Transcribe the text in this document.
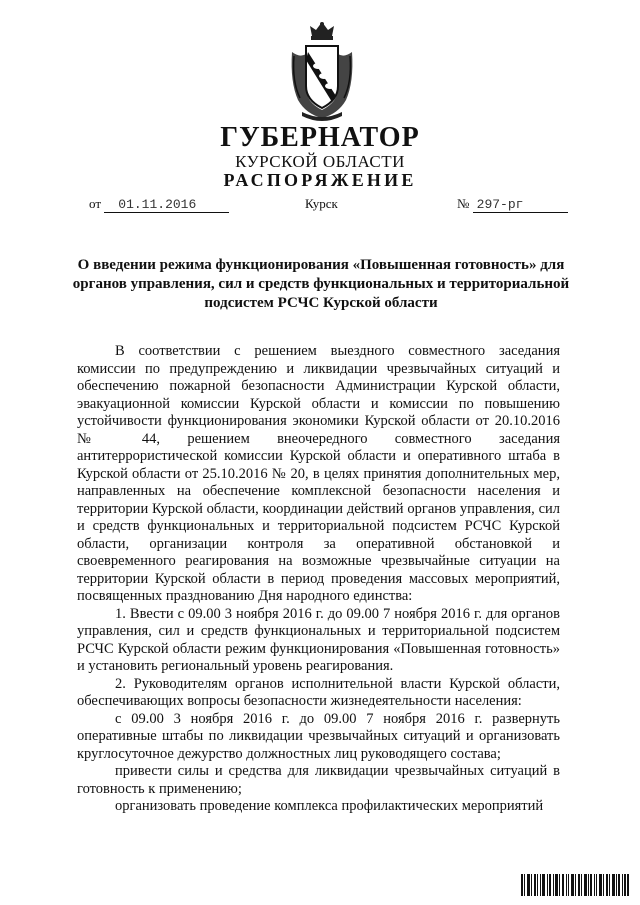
ГУБЕРНАТОР
КУРСКОЙ ОБЛАСТИ
РАСПОРЯЖЕНИЕ
от 01.11.2016	Курск	№ 297-рг
О введении режима функционирования «Повышенная готовность» для органов управления, сил и средств функциональных и территориальной подсистем РСЧС Курской области

В соответствии с решением выездного совместного заседания комиссии по предупреждению и ликвидации чрезвычайных ситуаций и обеспечению пожарной безопасности Администрации Курской области, эвакуационной комиссии Курской области и комиссии по повышению устойчивости функционирования экономики Курской области от 20.10.2016 № 44, решением внеочередного совместного заседания антитеррористической комиссии Курской области и оперативного штаба в Курской области от 25.10.2016 № 20, в целях принятия дополнительных мер, направленных на обеспечение комплексной безопасности населения и территории Курской области, координации действий органов управления, сил и средств функциональных и территориальной подсистем РСЧС Курской области, организации контроля за оперативной обстановкой и своевременного реагирования на возможные чрезвычайные ситуации на территории Курской области в период проведения массовых мероприятий, посвященных празднованию Дня народного единства:

1. Ввести с 09.00 3 ноября 2016 г. до 09.00 7 ноября 2016 г. для органов управления, сил и средств функциональных и территориальной подсистем РСЧС Курской области режим функционирования «Повышенная готовность» и установить региональный уровень реагирования.

2. Руководителям органов исполнительной власти Курской области, обеспечивающих вопросы безопасности жизнедеятельности населения:

с 09.00 3 ноября 2016 г. до 09.00 7 ноября 2016 г. развернуть оперативные штабы по ликвидации чрезвычайных ситуаций и организовать круглосуточное дежурство должностных лиц руководящего состава;

привести силы и средства для ликвидации чрезвычайных ситуаций в готовность к применению;

организовать проведение комплекса профилактических мероприятий
